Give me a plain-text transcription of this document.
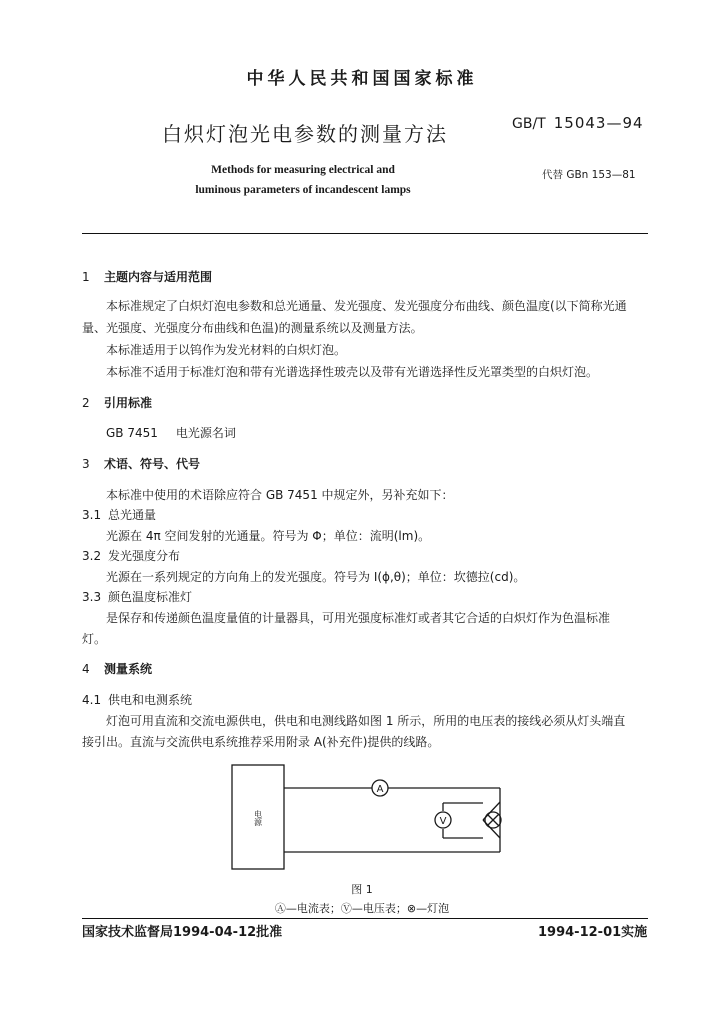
中华人民共和国国家标准
白炽灯泡光电参数的测量方法	GB/T 15043—94
Methods for measuring electrical and
luminous parameters of incandescent lamps
代替 GBn 153—81
1 主题内容与适用范围
本标准规定了白炽灯泡电参数和总光通量、发光强度、发光强度分布曲线、颜色温度(以下简称光通
量、光强度、光强度分布曲线和色温)的测量系统以及测量方法。
本标准适用于以钨作为发光材料的白炽灯泡。
本标准不适用于标准灯泡和带有光谱选择性玻壳以及带有光谱选择性反光罩类型的白炽灯泡。
2 引用标准
GB 7451 电光源名词
3 术语、符号、代号
本标准中使用的术语除应符合 GB 7451 中规定外，另补充如下：
3.1 总光通量
光源在 4π 空间发射的光通量。符号为 Φ；单位：流明(lm)。
3.2 发光强度分布
光源在一系列规定的方向角上的发光强度。符号为 I(ϕ,θ)；单位：坎德拉(cd)。
3.3 颜色温度标准灯
是保存和传递颜色温度量值的计量器具，可用光强度标准灯或者其它合适的白炽灯作为色温标准
灯。
4 测量系统
4.1 供电和电测系统
灯泡可用直流和交流电源供电，供电和电测线路如图 1 所示，所用的电压表的接线必须从灯头端直
接引出。直流与交流供电系统推荐采用附录 A(补充件)提供的线路。
A
V
电源
图 1
Ⓐ—电流表；Ⓥ—电压表；⊗—灯泡
国家技术监督局1994-04-12批准	1994-12-01实施
